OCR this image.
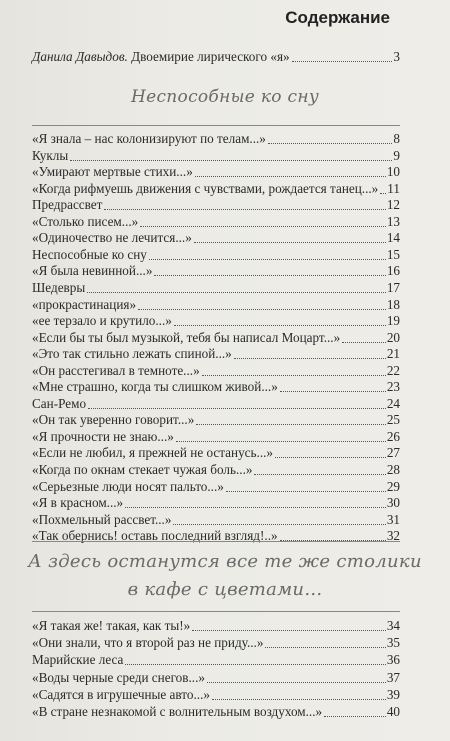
Содержание
Данила Давыдов. Двоемирие лирического «я»	3
Неспособные ко сну
«Я знала – нас колонизируют по телам...»	8
Куклы	9
«Умирают мертвые стихи...»	10
«Когда рифмуешь движения с чувствами, рождается танец...» 11
Предрассвет	12
«Столько писем...»	13
«Одиночество не лечится...»	14
Неспособные ко сну	15
«Я была невинной...»	16
Шедевры	17
«прокрастинация»	18
«ее терзало и крутило...»	19
«Если бы ты был музыкой, тебя бы написал Моцарт...»	20
«Это так стильно лежать спиной...»	21
«Он расстегивал в темноте...»	22
«Мне страшно, когда ты слишком живой...»	23
Сан-Ремо	24
«Он так уверенно говорит...»	25
«Я прочности не знаю...»	26
«Если не любил, я прежней не останусь...»	27
«Когда по окнам стекает чужая боль...»	28
«Серьезные люди носят пальто...»	29
«Я в красном...»	30
«Похмельный рассвет...»	31
«Так обернись! оставь последний взгляд!..»	32
А здесь останутся все те же столики
в кафе с цветами...
«Я такая же! такая, как ты!»	34
«Они знали, что я второй раз не приду...»	35
Марийские леса	36
«Воды черные среди снегов...»	37
«Садятся в игрушечные авто...»	39
«В стране незнакомой с волнительным воздухом...»	40
